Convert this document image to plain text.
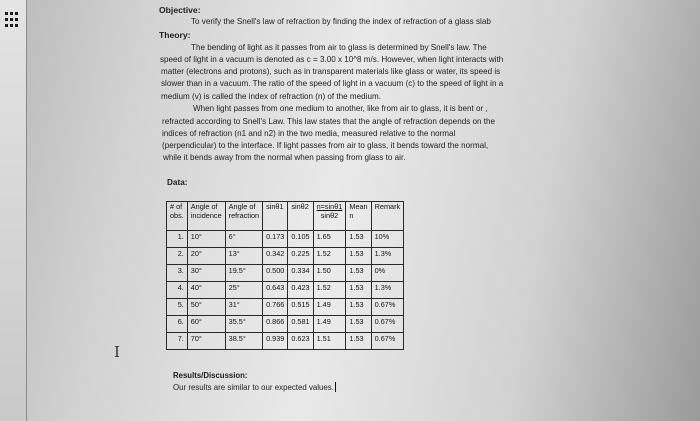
I
Objective:
To verify the Snell's law of refraction by finding the index of refraction of a glass slab
Theory:
The bending of light as it passes from air to glass is determined by Snell's law. The
speed of light in a vacuum is denoted as c = 3.00 x 10^8 m/s. However, when light interacts with
matter (electrons and protons), such as in transparent materials like glass or water, its speed is
slower than in a vacuum. The ratio of the speed of light in a vacuum (c) to the speed of light in a
medium (v) is called the index of refraction (n) of the medium.
When light passes from one medium to another, like from air to glass, it is bent or ,
refracted according to Snell's Law. This law states that the angle of refraction depends on the
indices of refraction (n1 and n2) in the two media, measured relative to the normal
(perpendicular) to the interface. If light passes from air to glass, it bends toward the normal,
while it bends away from the normal when passing from glass to air.
Data:
# of
obs.	Angle of
incidence	Angle of
refraction	sinθ1	sinθ2	n=sinθ1
sinθ2	Mean n	Remark
1.	10°	6°	0.173	0.105	1.65	1.53	10%
2.	20°	13°	0.342	0.225	1.52	1.53	1.3%
3.	30°	19.5°	0.500	0.334	1.50	1.53	0%
4.	40°	25°	0.643	0.423	1.52	1.53	1.3%
5.	50°	31°	0.766	0.515	1.49	1.53	0.67%
6.	60°	35.5°	0.866	0.581	1.49	1.53	0.67%
7.	70°	38.5°	0.939	0.623	1.51	1.53	0.67%
Results/Discussion:
Our results are similar to our expected values.
